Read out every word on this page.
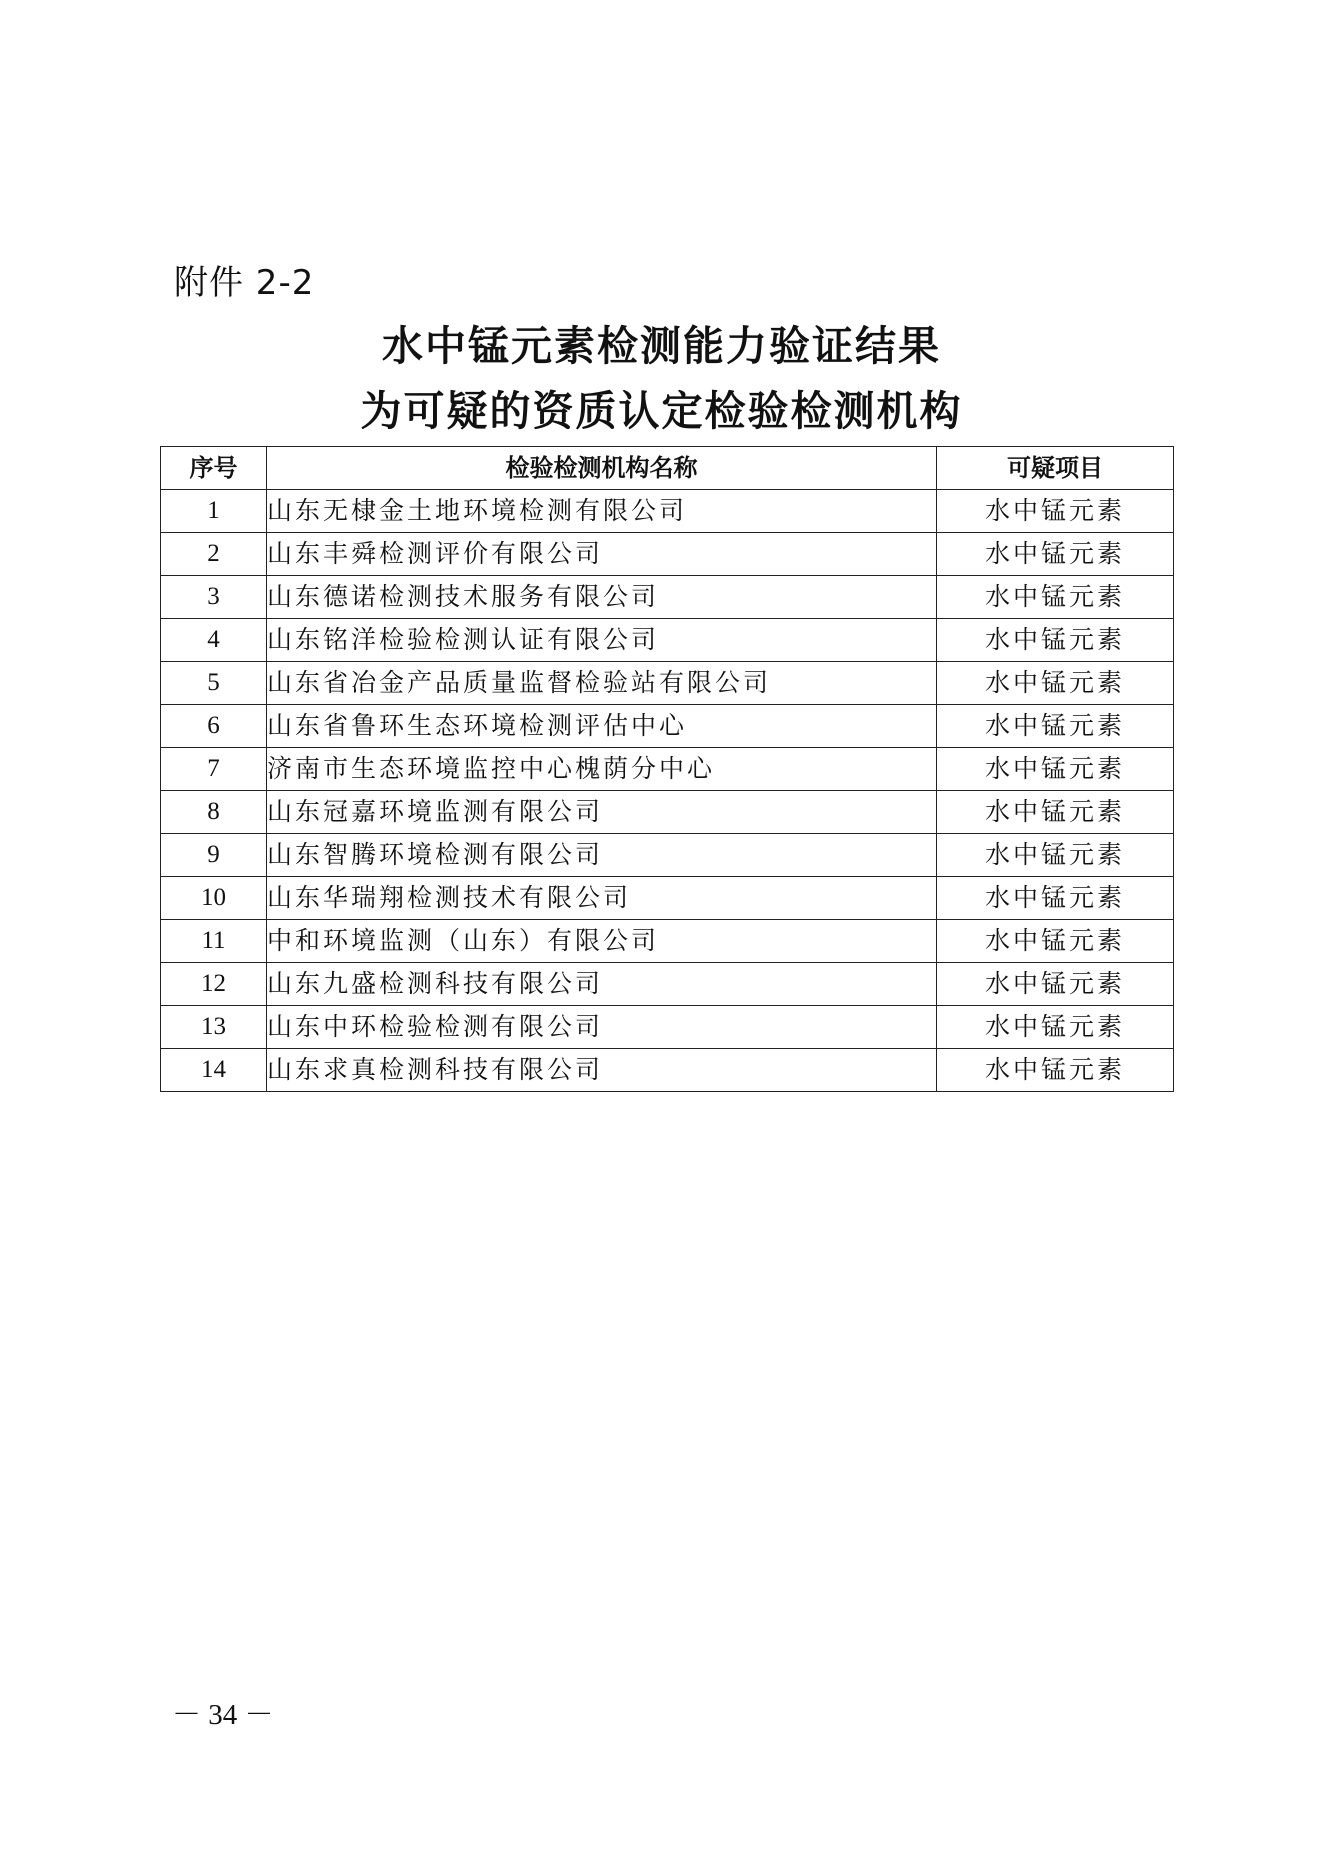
附件 2-2
水中锰元素检测能力验证结果
为可疑的资质认定检验检测机构
序号	检验检测机构名称	可疑项目
1	山东无棣金土地环境检测有限公司	水中锰元素
2	山东丰舜检测评价有限公司	水中锰元素
3	山东德诺检测技术服务有限公司	水中锰元素
4	山东铭洋检验检测认证有限公司	水中锰元素
5	山东省冶金产品质量监督检验站有限公司	水中锰元素
6	山东省鲁环生态环境检测评估中心	水中锰元素
7	济南市生态环境监控中心槐荫分中心	水中锰元素
8	山东冠嘉环境监测有限公司	水中锰元素
9	山东智腾环境检测有限公司	水中锰元素
10	山东华瑞翔检测技术有限公司	水中锰元素
11	中和环境监测（山东）有限公司	水中锰元素
12	山东九盛检测科技有限公司	水中锰元素
13	山东中环检验检测有限公司	水中锰元素
14	山东求真检测科技有限公司	水中锰元素
－ 34 －
